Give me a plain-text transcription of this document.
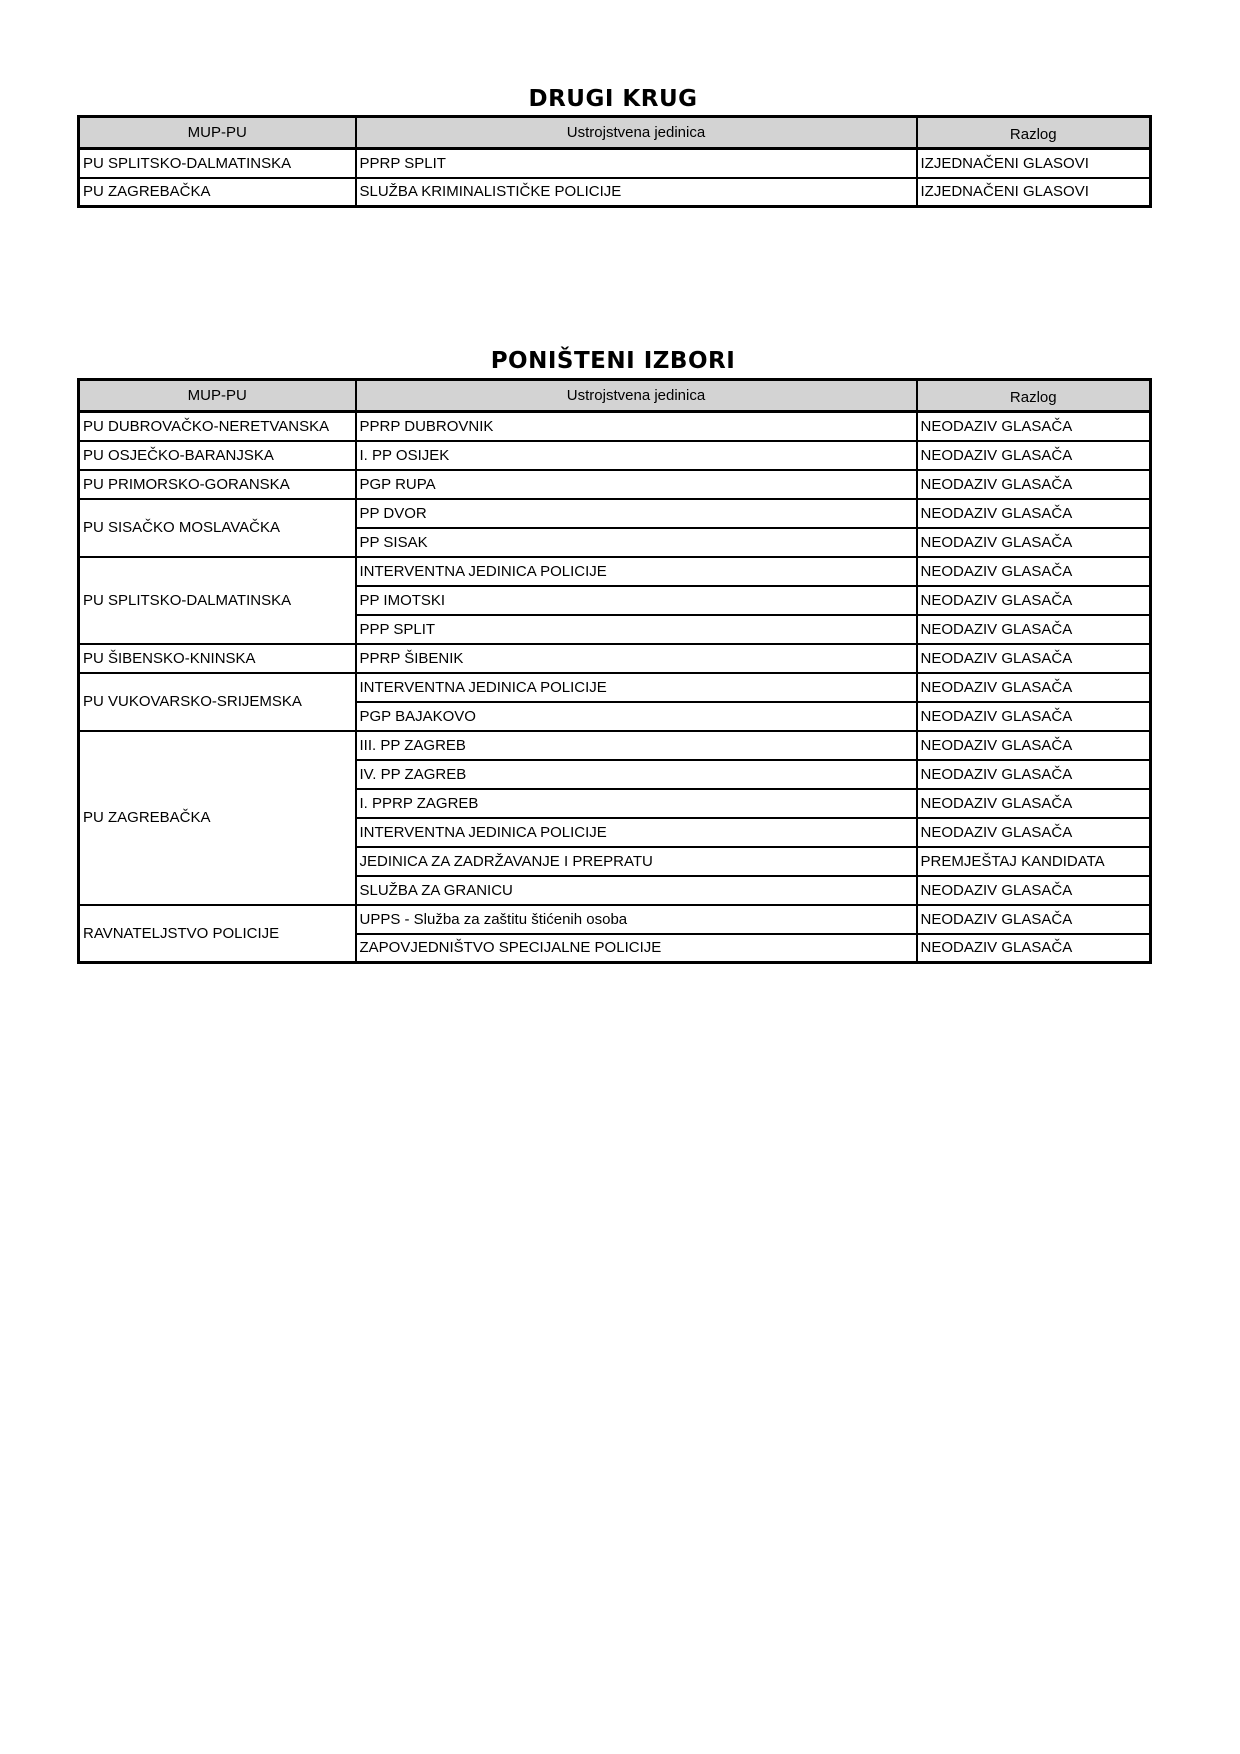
DRUGI KRUG
MUP-PU	Ustrojstvena jedinica	Razlog
PU SPLITSKO-DALMATINSKA	PPRP SPLIT	IZJEDNAČENI GLASOVI
PU ZAGREBAČKA	SLUŽBA KRIMINALISTIČKE POLICIJE	IZJEDNAČENI GLASOVI
PONIŠTENI IZBORI
MUP-PU	Ustrojstvena jedinica	Razlog
PU DUBROVAČKO-NERETVANSKA	PPRP DUBROVNIK	NEODAZIV GLASAČA
PU OSJEČKO-BARANJSKA	I. PP OSIJEK	NEODAZIV GLASAČA
PU PRIMORSKO-GORANSKA	PGP RUPA	NEODAZIV GLASAČA
PU SISAČKO MOSLAVAČKA	PP DVOR	NEODAZIV GLASAČA
	PP SISAK	NEODAZIV GLASAČA
PU SPLITSKO-DALMATINSKA	INTERVENTNA JEDINICA POLICIJE	NEODAZIV GLASAČA
	PP IMOTSKI	NEODAZIV GLASAČA
	PPP SPLIT	NEODAZIV GLASAČA
PU ŠIBENSKO-KNINSKA	PPRP ŠIBENIK	NEODAZIV GLASAČA
PU VUKOVARSKO-SRIJEMSKA	INTERVENTNA JEDINICA POLICIJE	NEODAZIV GLASAČA
	PGP BAJAKOVO	NEODAZIV GLASAČA
PU ZAGREBAČKA	III. PP ZAGREB	NEODAZIV GLASAČA
	IV. PP ZAGREB	NEODAZIV GLASAČA
	I. PPRP ZAGREB	NEODAZIV GLASAČA
	INTERVENTNA JEDINICA POLICIJE	NEODAZIV GLASAČA
	JEDINICA ZA ZADRŽAVANJE I PREPRATU	PREMJEŠTAJ KANDIDATA
	SLUŽBA ZA GRANICU	NEODAZIV GLASAČA
RAVNATELJSTVO POLICIJE	UPPS - Služba za zaštitu štićenih osoba	NEODAZIV GLASAČA
	ZAPOVJEDNIŠTVO SPECIJALNE POLICIJE	NEODAZIV GLASAČA
